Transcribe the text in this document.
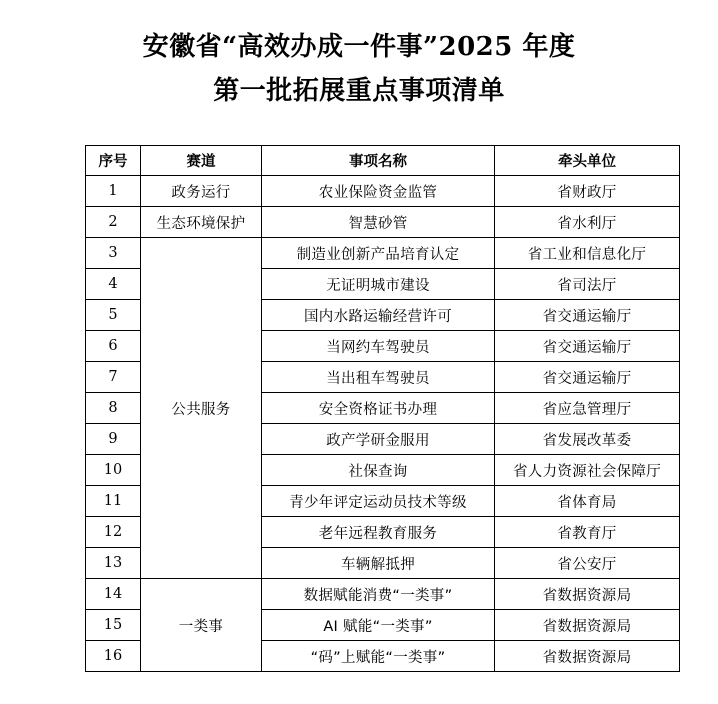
安徽省“高效办成一件事”2025 年度
第一批拓展重点事项清单
序号	赛道	事项名称	牵头单位
1	政务运行	农业保险资金监管	省财政厅
2	生态环境保护	智慧砂管	省水利厅
3	公共服务	制造业创新产品培育认定	省工业和信息化厅
4		无证明城市建设	省司法厅
5		国内水路运输经营许可	省交通运输厅
6		当网约车驾驶员	省交通运输厅
7		当出租车驾驶员	省交通运输厅
8		安全资格证书办理	省应急管理厅
9		政产学研金服用	省发展改革委
10		社保查询	省人力资源社会保障厅
11		青少年评定运动员技术等级	省体育局
12		老年远程教育服务	省教育厅
13		车辆解抵押	省公安厅
14	一类事	数据赋能消费“一类事”	省数据资源局
15		AI 赋能“一类事”	省数据资源局
16		“码”上赋能“一类事”	省数据资源局
